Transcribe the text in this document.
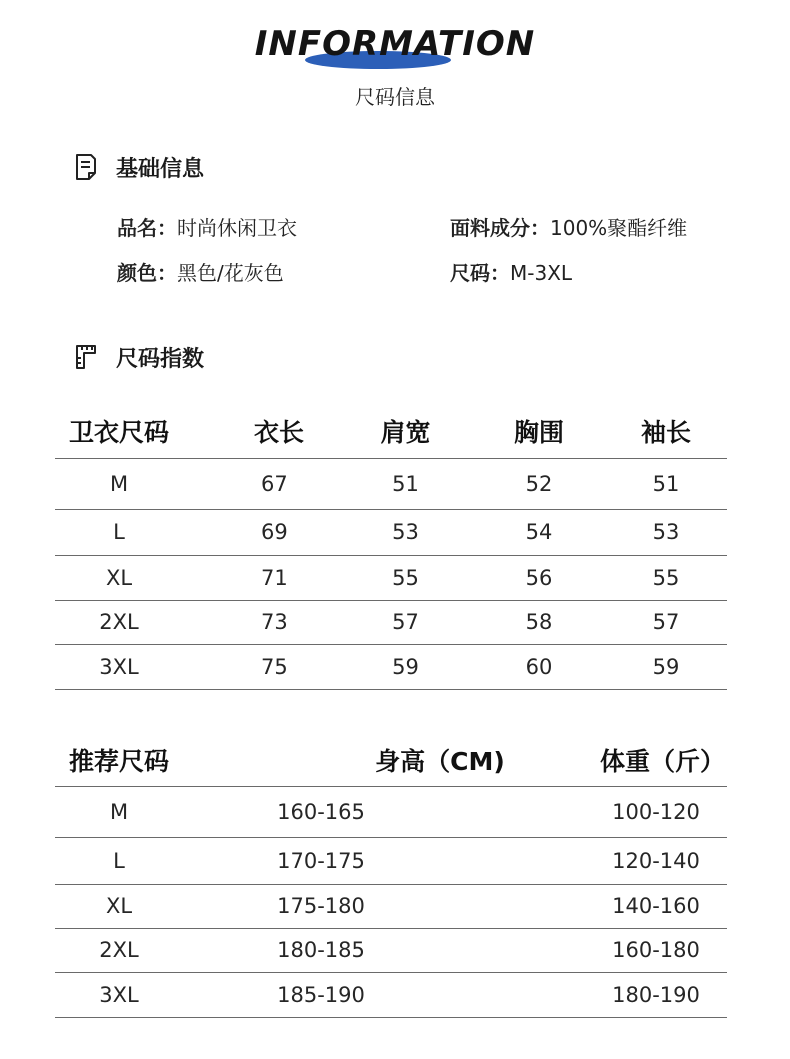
INFORMATION
尺码信息
基础信息
品名：时尚休闲卫衣	面料成分：100%聚酯纤维
颜色：黑色/花灰色	尺码：M-3XL
尺码指数
卫衣尺码	衣长	肩宽	胸围	袖长
M	67	51	52	51
L	69	53	54	53
XL	71	55	56	55
2XL	73	57	58	57
3XL	75	59	60	59
推荐尺码	身高（CM)	体重（斤）
M	160-165	100-120
L	170-175	120-140
XL	175-180	140-160
2XL	180-185	160-180
3XL	185-190	180-190
